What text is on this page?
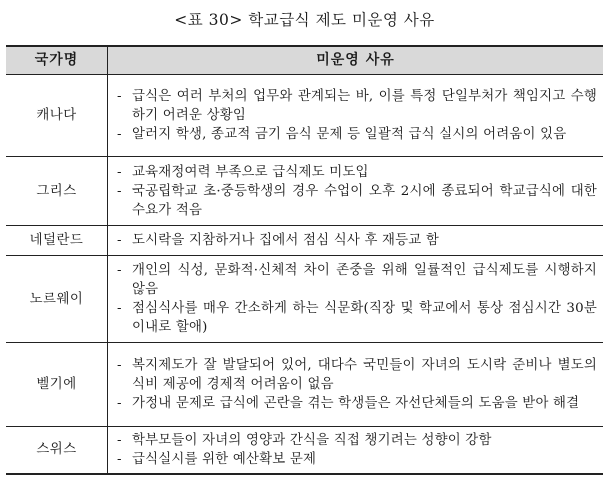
<표 30> 학교급식 제도 미운영 사유
국가명	미운영 사유
캐나다	- 급식은 여러 부처의 업무와 관계되는 바, 이를 특정 단일부처가 책임지고 수행하기 어려운 상황임
- 알러지 학생, 종교적 금기 음식 문제 등 일괄적 급식 실시의 어려움이 있음

그리스	- 교육재정여력 부족으로 급식제도 미도입
- 국공립학교 초·중등학생의 경우 수업이 오후 2시에 종료되어 학교급식에 대한 수요가 적음

네덜란드	- 도시락을 지참하거나 집에서 점심 식사 후 재등교 함

노르웨이	- 개인의 식성, 문화적·신체적 차이 존중을 위해 일률적인 급식제도를 시행하지 않음
- 점심식사를 매우 간소하게 하는 식문화(직장 및 학교에서 통상 점심시간 30분 이내로 할애)

벨기에	- 복지제도가 잘 발달되어 있어, 대다수 국민들이 자녀의 도시락 준비나 별도의 식비 제공에 경제적 어려움이 없음
- 가정내 문제로 급식에 곤란을 겪는 학생들은 자선단체들의 도움을 받아 해결

스위스	- 학부모들이 자녀의 영양과 간식을 직접 챙기려는 성향이 강함
- 급식실시를 위한 예산확보 문제
